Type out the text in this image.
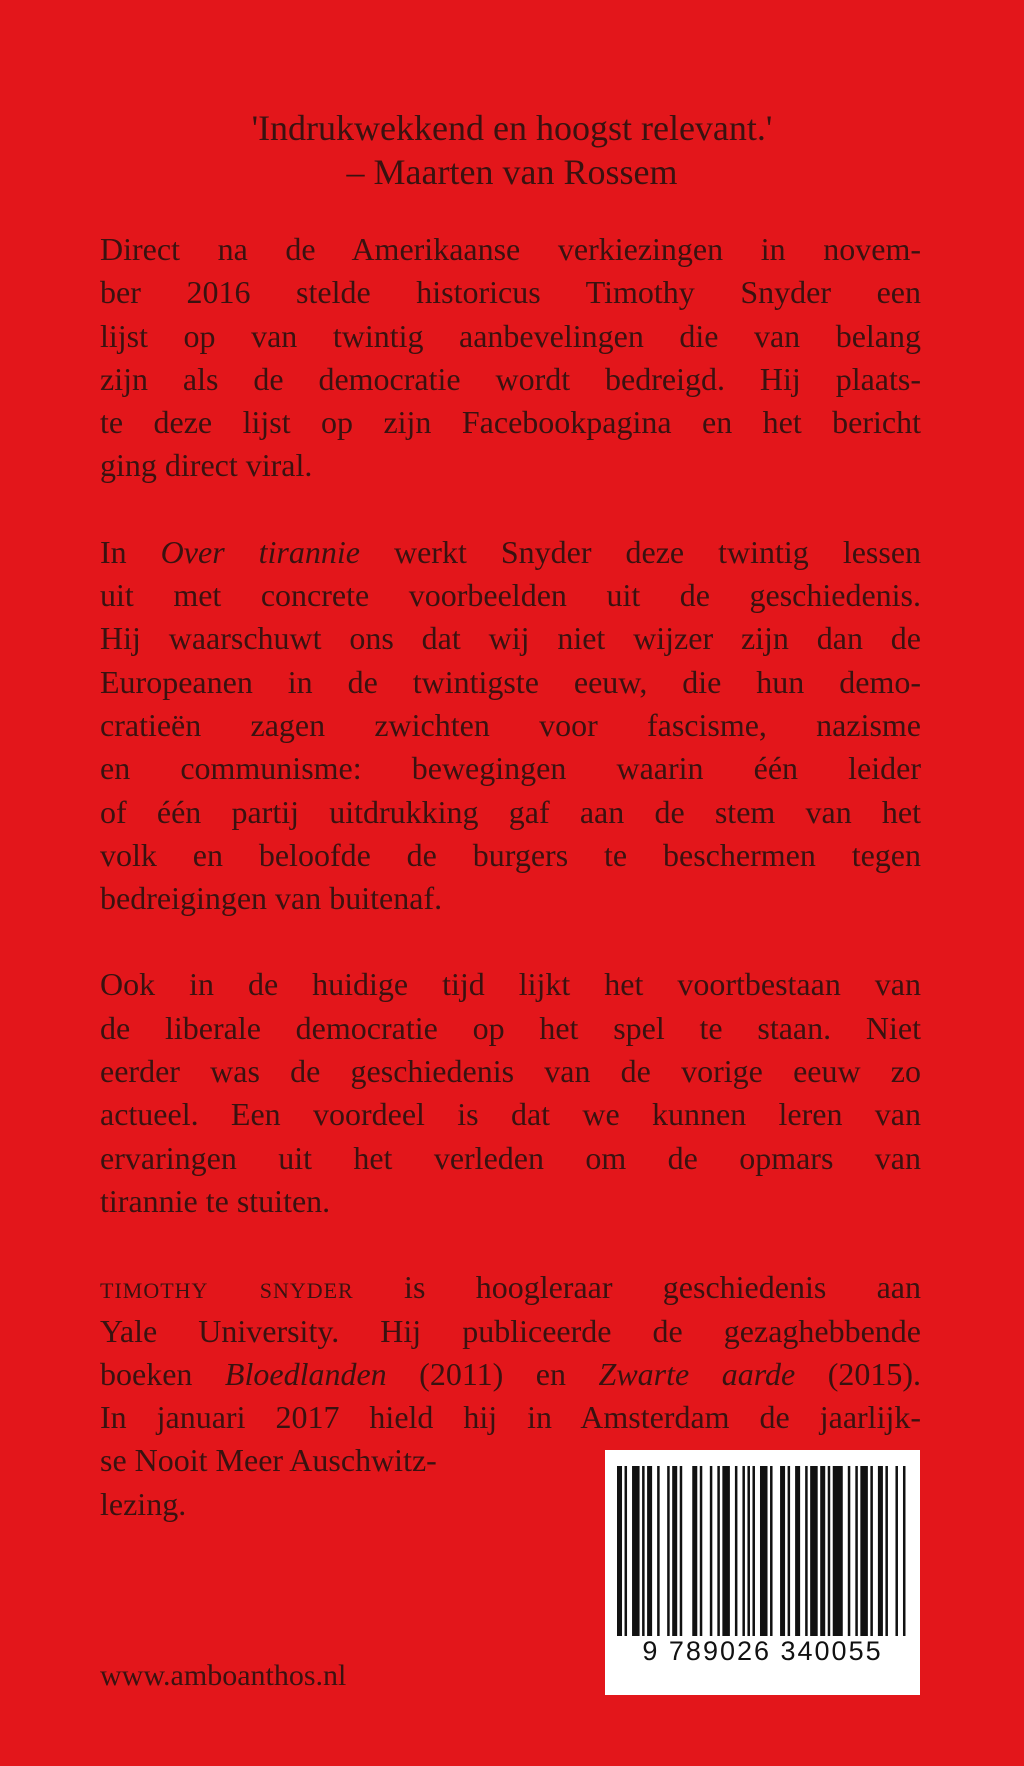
'Indrukwekkend en hoogst relevant.'
– Maarten van Rossem

Direct na de Amerikaanse verkiezingen in novem-
ber 2016 stelde historicus Timothy Snyder een
lijst op van twintig aanbevelingen die van belang
zijn als de democratie wordt bedreigd. Hij plaats-
te deze lijst op zijn Facebookpagina en het bericht
ging direct viral.

In Over tirannie werkt Snyder deze twintig lessen
uit met concrete voorbeelden uit de geschiedenis.
Hij waarschuwt ons dat wij niet wijzer zijn dan de
Europeanen in de twintigste eeuw, die hun demo-
cratieën zagen zwichten voor fascisme, nazisme
en communisme: bewegingen waarin één leider
of één partij uitdrukking gaf aan de stem van het
volk en beloofde de burgers te beschermen tegen
bedreigingen van buitenaf.

Ook in de huidige tijd lijkt het voortbestaan van
de liberale democratie op het spel te staan. Niet
eerder was de geschiedenis van de vorige eeuw zo
actueel. Een voordeel is dat we kunnen leren van
ervaringen uit het verleden om de opmars van
tirannie te stuiten.

timothy snyder is hoogleraar geschiedenis aan
Yale University. Hij publiceerde de gezaghebbende
boeken Bloedlanden (2011) en Zwarte aarde (2015).
In januari 2017 hield hij in Amsterdam de jaarlijk-
se Nooit Meer Auschwitz-
lezing.

www.amboanthos.nl
9 789026 340055
